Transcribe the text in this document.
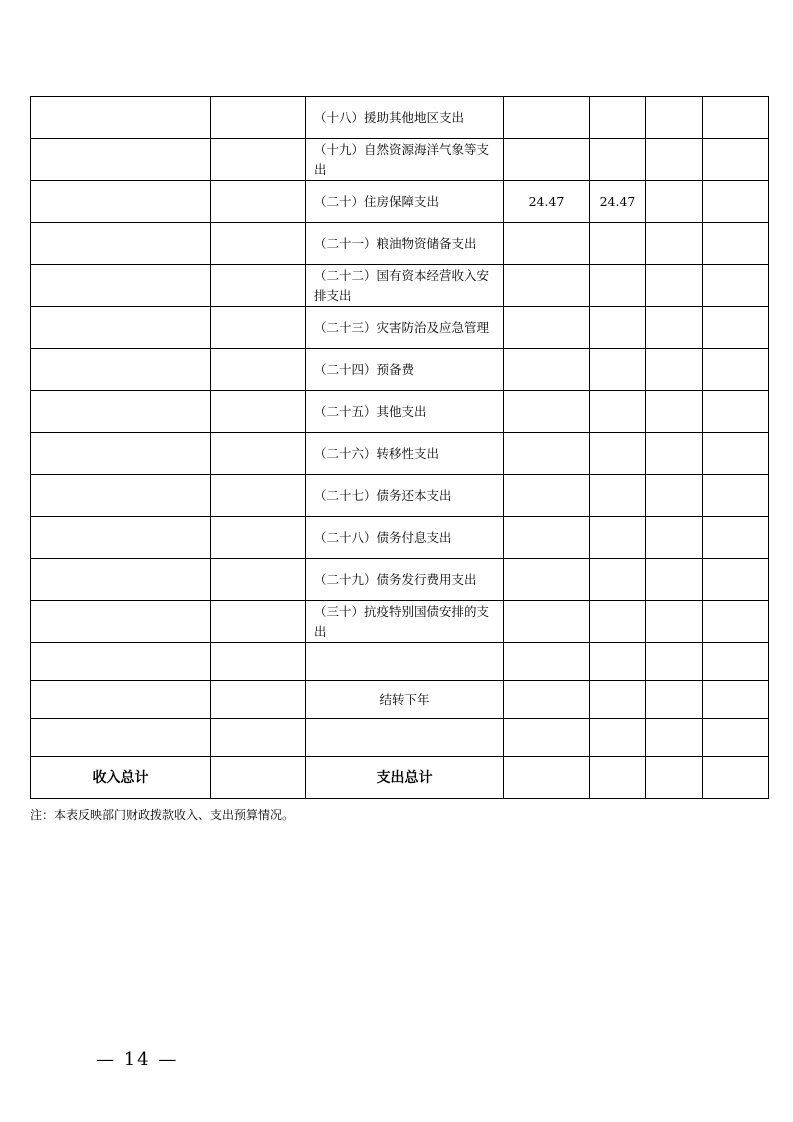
		（十八）援助其他地区支出				
		（十九）自然资源海洋气象等支出				
		（二十）住房保障支出	24.47	24.47		
		（二十一）粮油物资储备支出				
		（二十二）国有资本经营收入安排支出				
		（二十三）灾害防治及应急管理				
		（二十四）预备费				
		（二十五）其他支出				
		（二十六）转移性支出				
		（二十七）债务还本支出				
		（二十八）债务付息支出				
		（二十九）债务发行费用支出				
		（三十）抗疫特别国债安排的支出				

		结转下年				

收入总计		支出总计				
注：本表反映部门财政拨款收入、支出预算情况。
— 14 —
